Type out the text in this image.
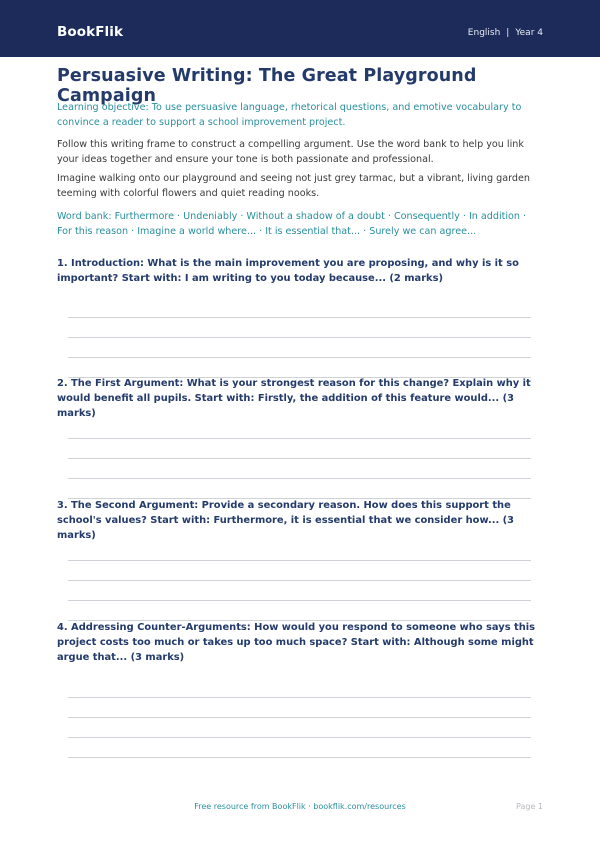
BookFlik	English | Year 4
Persuasive Writing: The Great Playground Campaign

Learning objective: To use persuasive language, rhetorical questions, and emotive vocabulary to convince a reader to support a school improvement project.

Follow this writing frame to construct a compelling argument. Use the word bank to help you link your ideas together and ensure your tone is both passionate and professional.

Imagine walking onto our playground and seeing not just grey tarmac, but a vibrant, living garden teeming with colorful flowers and quiet reading nooks.

Word bank: Furthermore · Undeniably · Without a shadow of a doubt · Consequently · In addition · For this reason · Imagine a world where... · It is essential that... · Surely we can agree...

1. Introduction: What is the main improvement you are proposing, and why is it so important? Start with: I am writing to you today because... (2 marks)

2. The First Argument: What is your strongest reason for this change? Explain why it would benefit all pupils. Start with: Firstly, the addition of this feature would... (3 marks)

3. The Second Argument: Provide a secondary reason. How does this support the school's values? Start with: Furthermore, it is essential that we consider how... (3 marks)

4. Addressing Counter-Arguments: How would you respond to someone who says this project costs too much or takes up too much space? Start with: Although some might argue that... (3 marks)

Free resource from BookFlik · bookflik.com/resources	Page 1
